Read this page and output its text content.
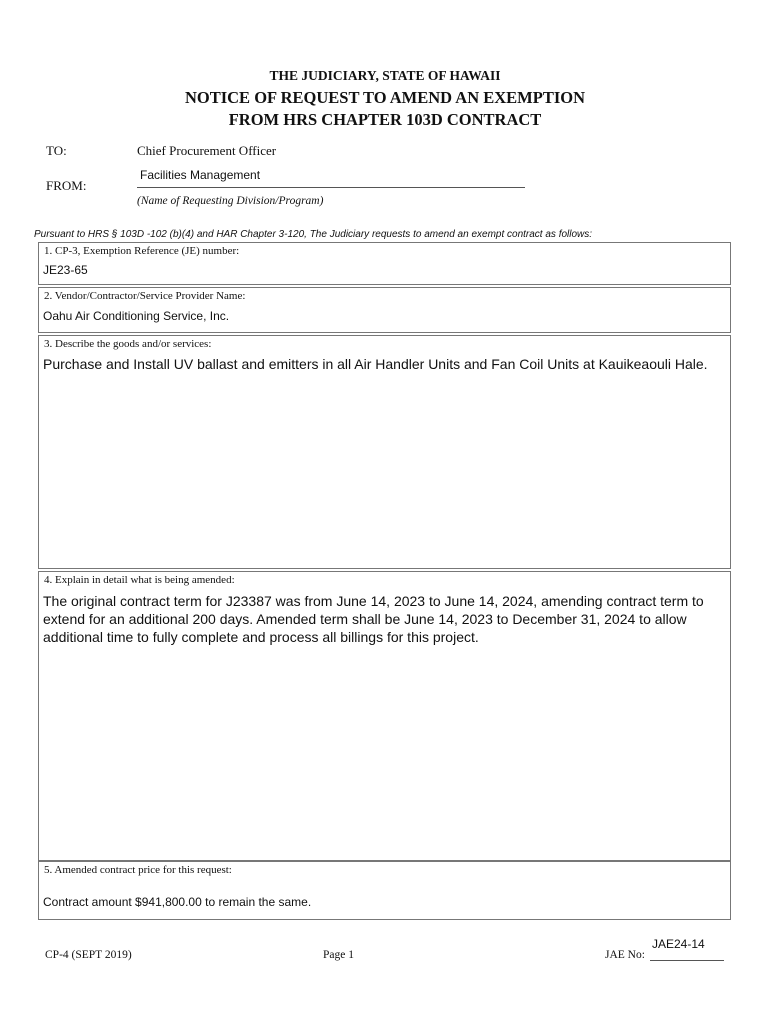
THE JUDICIARY, STATE OF HAWAII
NOTICE OF REQUEST TO AMEND AN EXEMPTION
FROM HRS CHAPTER 103D CONTRACT
TO:	Chief Procurement Officer
FROM:
Facilities Management
(Name of Requesting Division/Program)
Pursuant to HRS § 103D -102 (b)(4) and HAR Chapter 3-120, The Judiciary requests to amend an exempt contract as follows:
1. CP-3, Exemption Reference (JE) number:
JE23-65
2. Vendor/Contractor/Service Provider Name:
Oahu Air Conditioning Service, Inc.
3. Describe the goods and/or services:
Purchase and Install UV ballast and emitters in all Air Handler Units and Fan Coil Units at Kauikeaouli Hale.
4. Explain in detail what is being amended:
The original contract term for J23387 was from June 14, 2023 to June 14, 2024, amending contract term to extend for an additional 200 days. Amended term shall be June 14, 2023 to December 31, 2024 to allow additional time to fully complete and process all billings for this project.
5. Amended contract price for this request:
Contract amount $941,800.00 to remain the same.
CP-4 (SEPT 2019)	Page 1
JAE24-14
JAE No:
